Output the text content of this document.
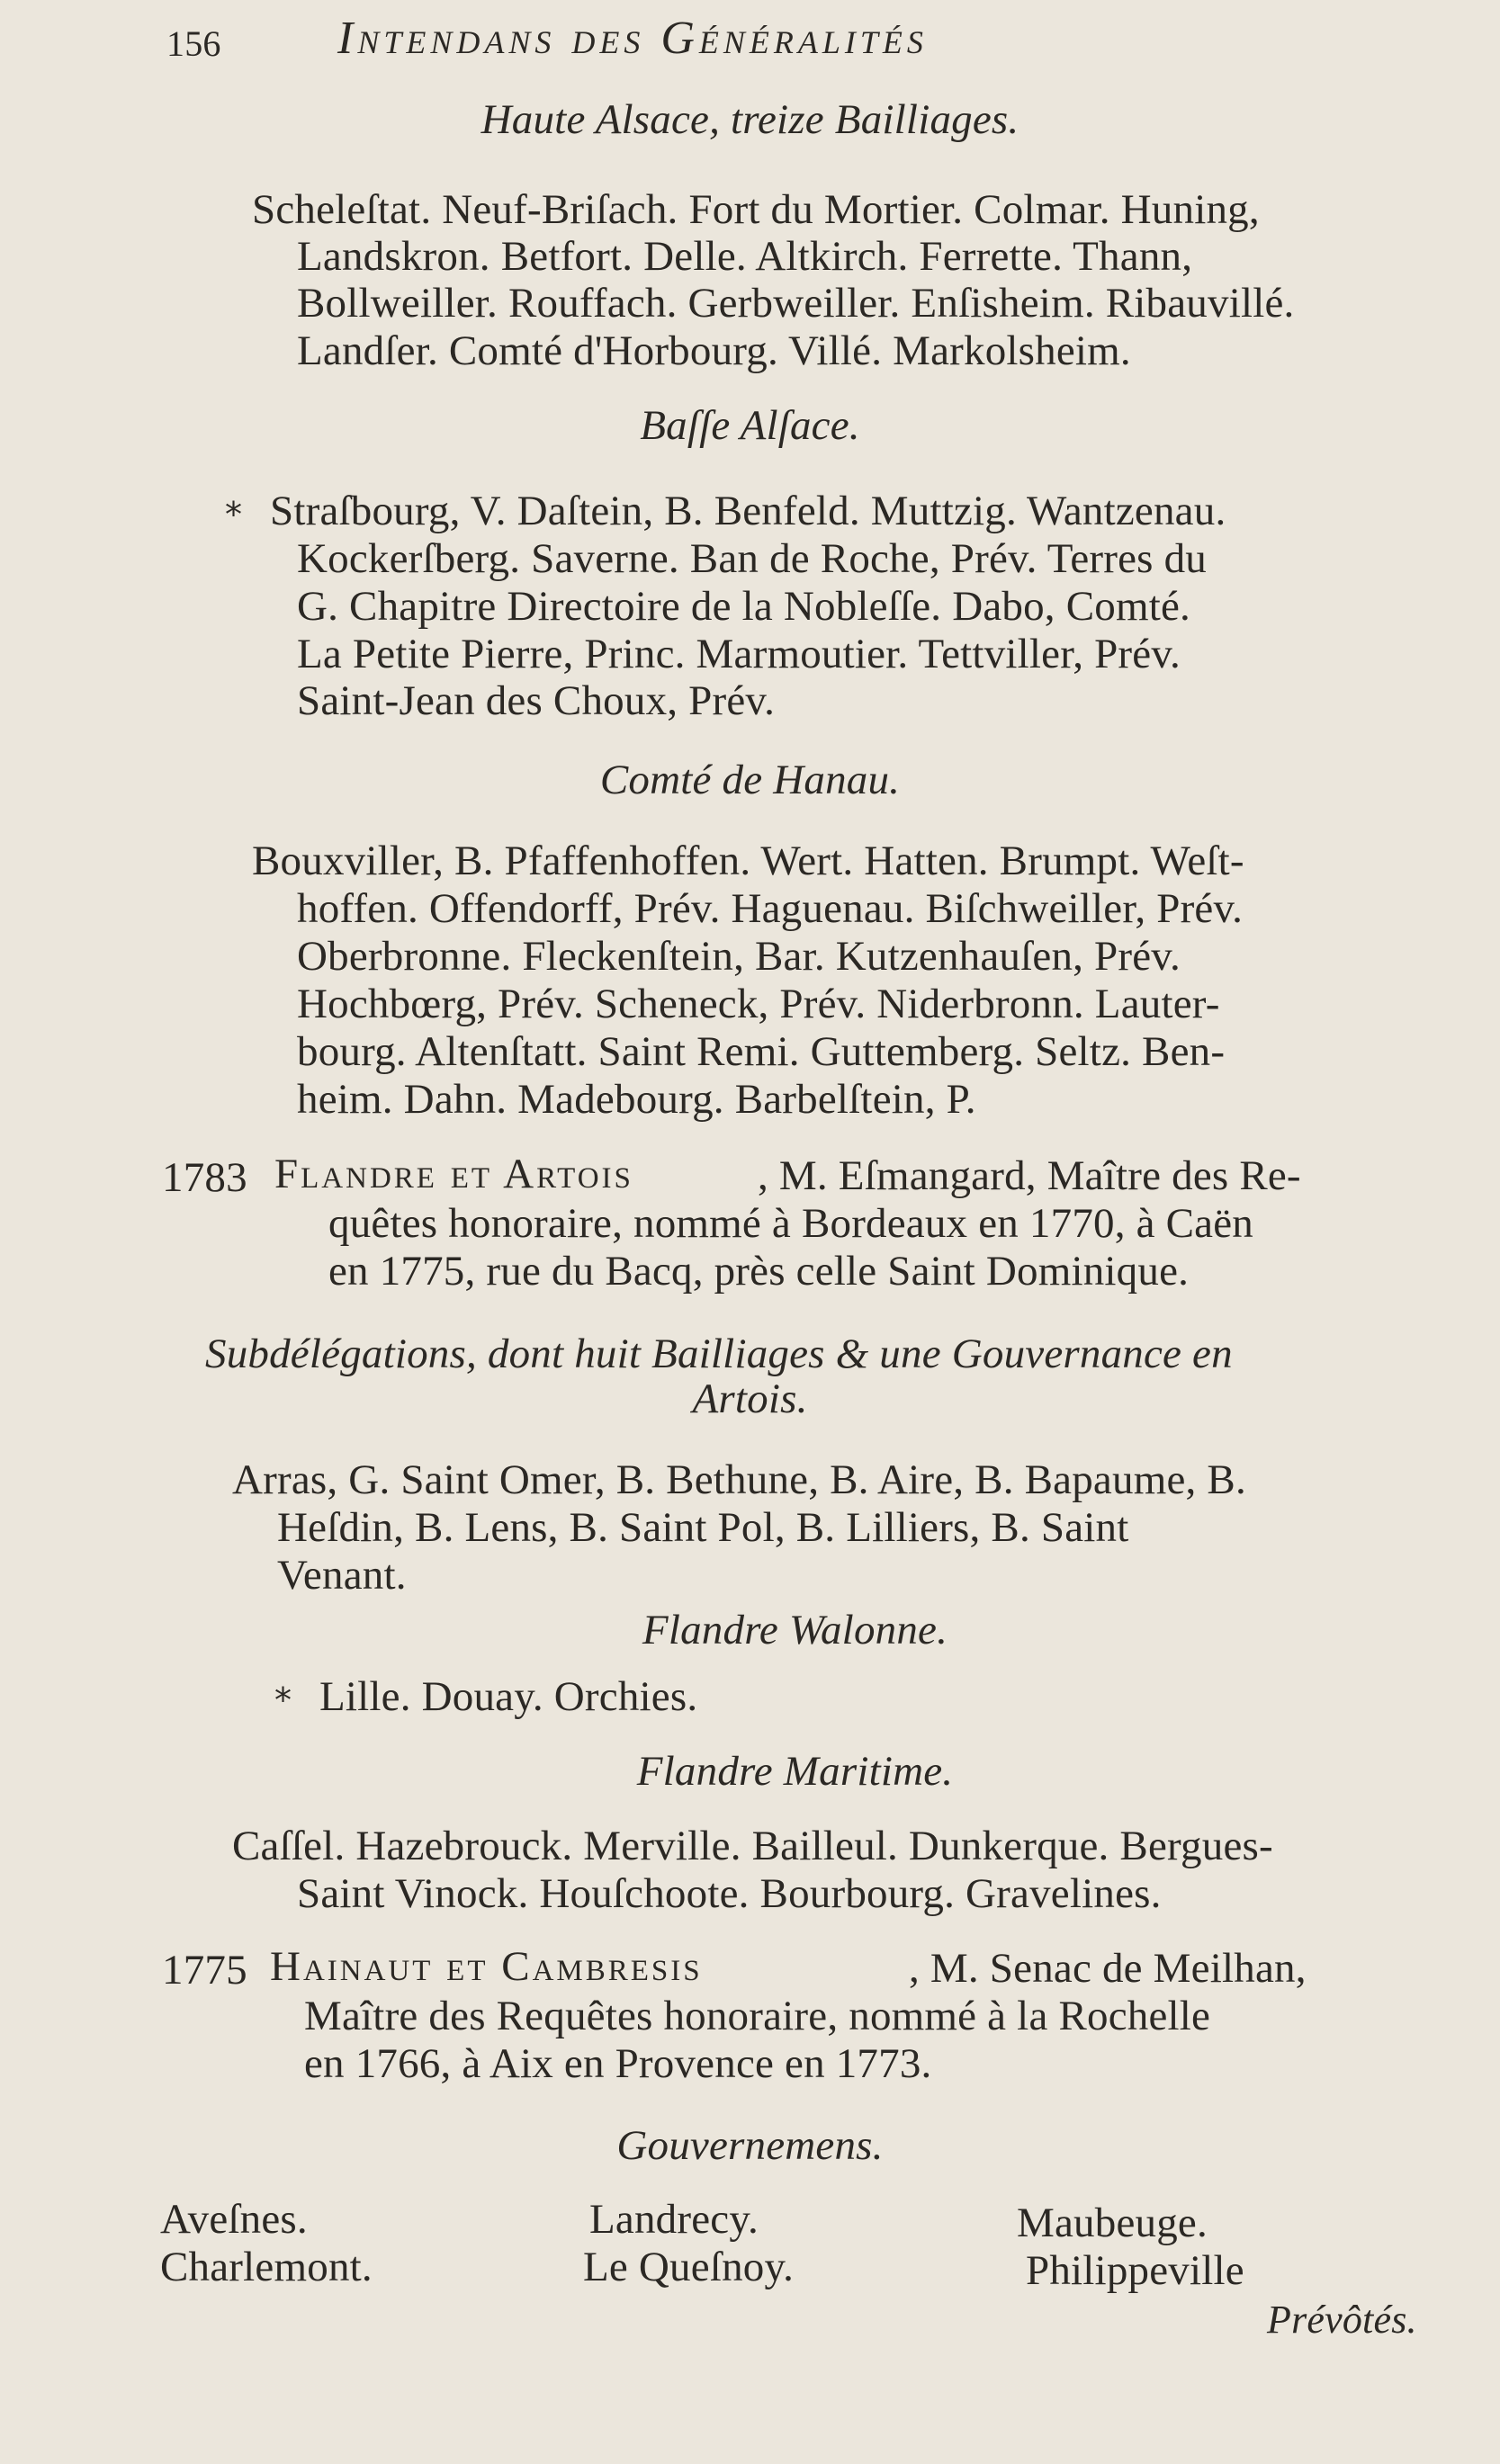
156 Intendans des Généralités
Haute Alsace, treize Bailliages.
Scheleſtat. Neuf-Briſach. Fort du Mortier. Colmar. Huning,
Landskron. Betfort. Delle. Altkirch. Ferrette. Thann,
Bollweiller. Rouffach. Gerbweiller. Enſisheim. Ribauvillé.
Landſer. Comté d'Horbourg. Villé. Markolsheim.
Baſſe Alſace.
* Straſbourg, V. Daſtein, B. Benfeld. Muttzig. Wantzenau.
Kockerſberg. Saverne. Ban de Roche, Prév. Terres du
G. Chapitre Directoire de la Nobleſſe. Dabo, Comté.
La Petite Pierre, Princ. Marmoutier. Tettviller, Prév.
Saint-Jean des Choux, Prév.
Comté de Hanau.
Bouxviller, B. Pfaffenhoffen. Wert. Hatten. Brumpt. Weſt-
hoffen. Offendorff, Prév. Haguenau. Biſchweiller, Prév.
Oberbronne. Fleckenſtein, Bar. Kutzenhauſen, Prév.
Hochbœrg, Prév. Scheneck, Prév. Niderbronn. Lauter-
bourg. Altenſtatt. Saint Remi. Guttemberg. Seltz. Ben-
heim. Dahn. Madebourg. Barbelſtein, P.
1783 Flandre et Artois	, M. Eſmangard, Maître des Re-
quêtes honoraire, nommé à Bordeaux en 1770, à Caën
en 1775, rue du Bacq, près celle Saint Dominique.
Subdélégations, dont huit Bailliages & une Gouvernance en
Artois.
Arras, G. Saint Omer, B. Bethune, B. Aire, B. Bapaume, B.
Heſdin, B. Lens, B. Saint Pol, B. Lilliers, B. Saint
Venant.
Flandre Walonne.
* Lille. Douay. Orchies.
Flandre Maritime.
Caſſel. Hazebrouck. Merville. Bailleul. Dunkerque. Bergues-
Saint Vinock. Houſchoote. Bourbourg. Gravelines.
1775 Hainaut et Cambresis	, M. Senac de Meilhan,
Maître des Requêtes honoraire, nommé à la Rochelle
en 1766, à Aix en Provence en 1773.
Gouvernemens.
Aveſnes.
Charlemont.
Landrecy.
Le Queſnoy.
Maubeuge.
Philippeville
Prévôtés.
